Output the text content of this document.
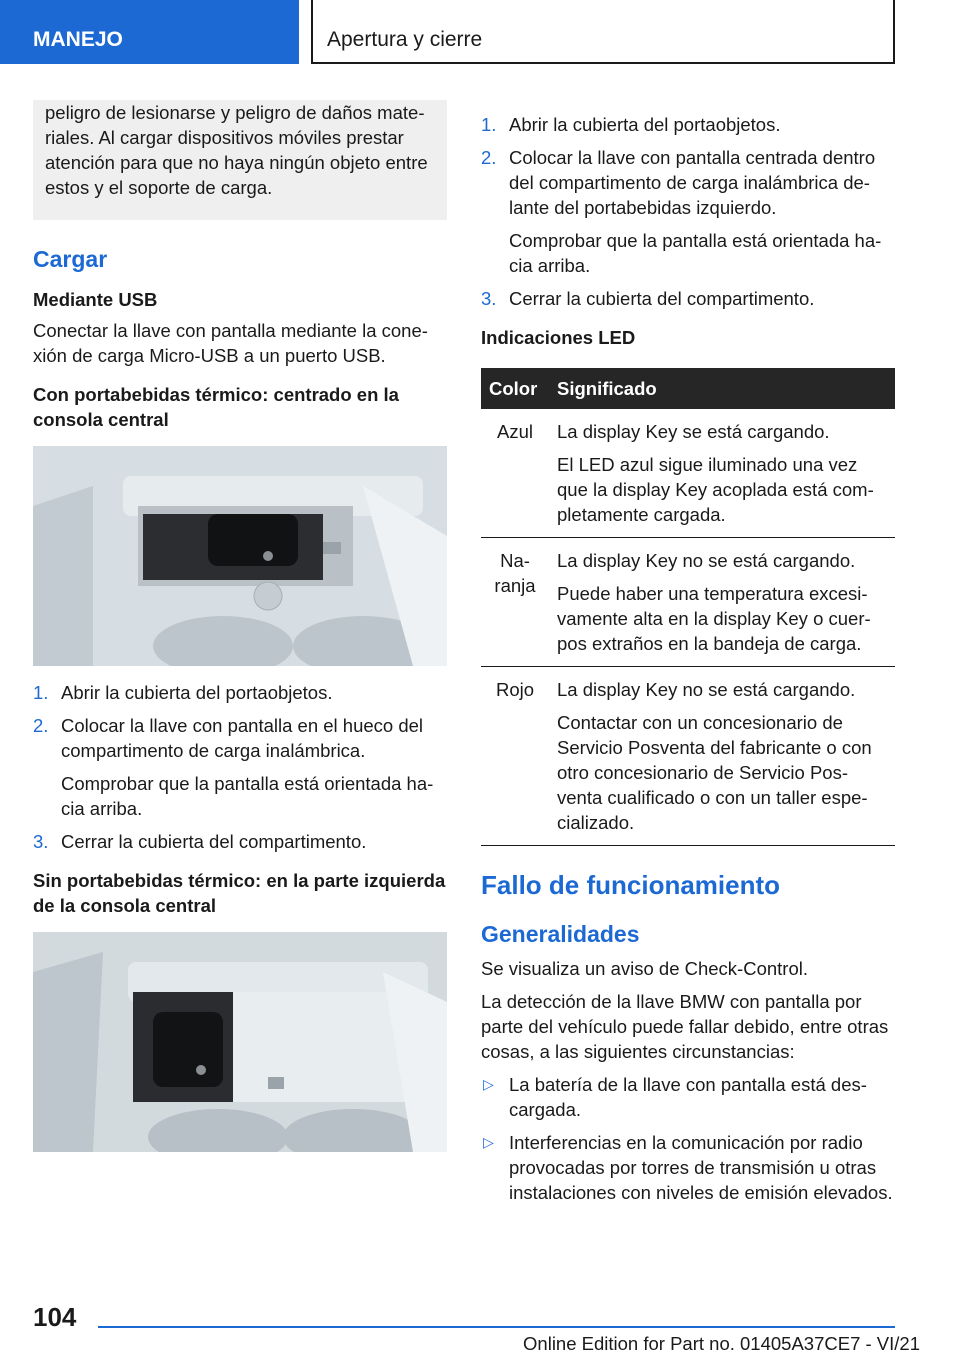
MANEJO	Apertura y cierre

peligro de lesionarse y peligro de daños materiales. Al cargar dispositivos móviles prestar atención para que no haya ningún objeto entre estos y el soporte de carga.

Cargar
Mediante USB

Conectar la llave con pantalla mediante la conexión de carga Micro-USB a un puerto USB.

Con portabebidas térmico: centrado en la consola central
1. Abrir la cubierta del portaobjetos.
2. Colocar la llave con pantalla en el hueco del compartimento de carga inalámbrica.

Comprobar que la pantalla está orientada hacia arriba.

3. Cerrar la cubierta del compartimento.
Sin portabebidas térmico: en la parte izquierda de la consola central
1. Abrir la cubierta del portaobjetos.
2. Colocar la llave con pantalla centrada dentro del compartimento de carga inalámbrica delante del portabebidas izquierdo.

Comprobar que la pantalla está orientada hacia arriba.

3. Cerrar la cubierta del compartimento.
Indicaciones LED
Color	Significado
Azul	La display Key se está cargando.

El LED azul sigue iluminado una vez que la display Key acoplada está completamente cargada.

Naranja	La display Key no se está cargando.

Puede haber una temperatura excesivamente alta en la display Key o cuerpos extraños en la bandeja de carga.

Rojo	La display Key no se está cargando.

Contactar con un concesionario de Servicio Posventa del fabricante o con otro concesionario de Servicio Posventa cualificado o con un taller especializado.

Fallo de funcionamiento
Generalidades

Se visualiza un aviso de Check-Control.

La detección de la llave BMW con pantalla por parte del vehículo puede fallar debido, entre otras cosas, a las siguientes circunstancias:

▷ La batería de la llave con pantalla está descargada.
▷ Interferencias en la comunicación por radio provocadas por torres de transmisión u otras instalaciones con niveles de emisión elevados.
104
Online Edition for Part no. 01405A37CE7 - VI/21
